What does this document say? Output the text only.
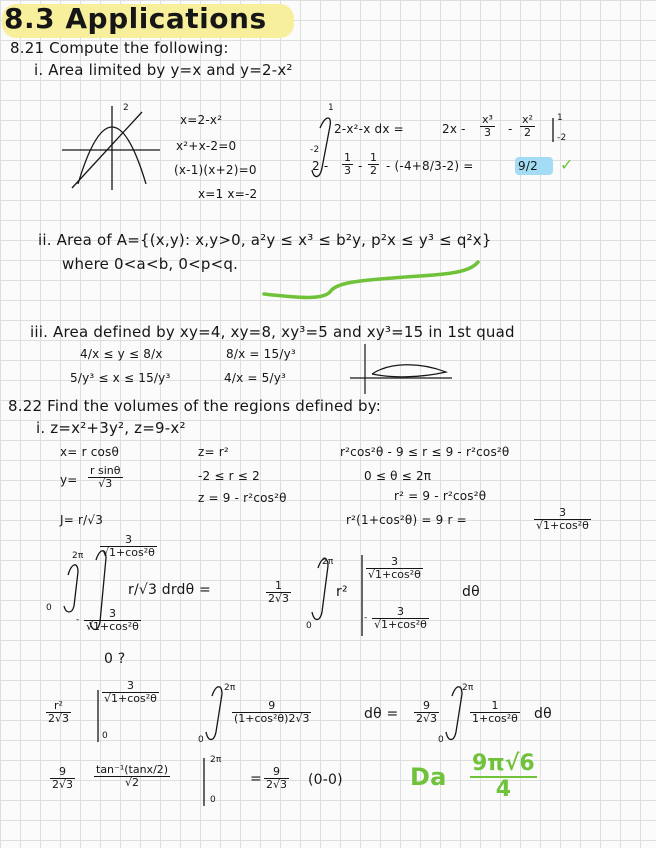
8.3 Applications
8.21 Compute the following:
i. Area limited by y=x and y=2-x²
2
x=2-x²
x²+x-2=0
(x-1)(x+2)=0
x=1 x=-2
1
-2
2-x²-x dx =	$2x - \frac{\text{x³}}{3} - \frac{\text{x²}}{2} 1$
-2
$2 - \frac{1}{3} - \frac{1}{2} - (-4+8/3-2)$ =	9/2 ✓
ii. Area of A={(x,y): x,y>0, a²y ≤ x³ ≤ b²y, p²x ≤ y³ ≤ q²x}
where 0<a<b, 0<p<q.
iii. Area defined by xy=4, xy=8, xy³=5 and xy³=15 in 1st quad
4/x ≤ y ≤ 8/x
5/y³ ≤ x ≤ 15/y³
8/x = 15/y³
4/x = 5/y³
8.22 Find the volumes of the regions defined by:
i. z=x²+3y², z=9-x²
x= r cosθ
$y= \frac{\text{r sinθ}}{√3}$
J= r/√3
z= r²
-2 ≤ r ≤ 2
z = 9 - r²cos²θ
r²cos²θ - 9 ≤ r ≤ 9 - r²cos²θ
0 ≤ θ ≤ 2π
r² = 9 - r²cos²θ
r²(1+cos²θ) = 9 r =	$\frac{3}{\text{√1+cos²θ}}$
2π
0
$\frac{3}{\text{√1+cos²θ}}$
- $\frac{3}{\text{√1+cos²θ}}$
r/√3 drdθ =
0 ?
$\frac{1}{2√3}$
2π
0
r²
$\frac{3}{\text{√1+cos²θ}}$
- $\frac{3}{\text{√1+cos²θ}}$
dθ
$\frac{\text{r²}}{2√3}$
$\frac{3}{\text{√1+cos²θ}}$
0
2π
0
$\frac{9}{\text{(1+cos²θ)2√3}}$	$d\theta = \frac{9}{2√3}$
2π
0
$\frac{1}{\text{1+cos²θ}}$ dθ
$\frac{9}{2√3} \frac{\text{tan⁻¹(tanx/2)}}{√2}$
2π
0
= $\frac{9}{2√3} (0-0)$	Da $\frac{9\pi√6}{4}$
